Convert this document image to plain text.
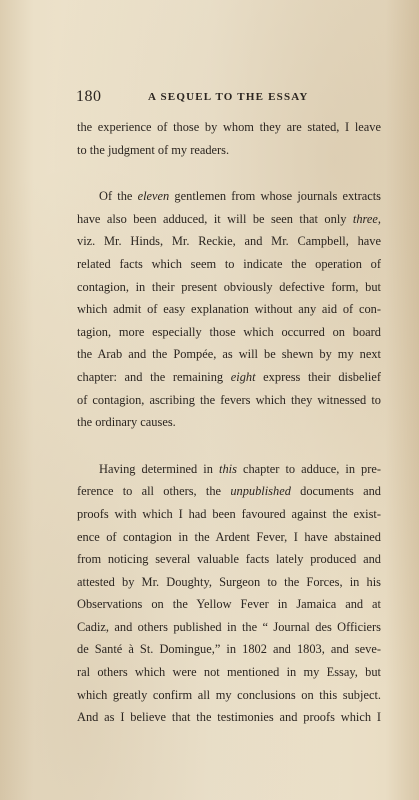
180	A SEQUEL TO THE ESSAY
the experience of those by whom they are stated, I leave
to the judgment of my readers.
Of the eleven gentlemen from whose journals extracts
have also been adduced, it will be seen that only three,
viz. Mr. Hinds, Mr. Reckie, and Mr. Campbell, have
related facts which seem to indicate the operation of
contagion, in their present obviously defective form, but
which admit of easy explanation without any aid of con-
tagion, more especially those which occurred on board
the Arab and the Pompée, as will be shewn by my next
chapter: and the remaining eight express their disbelief
of contagion, ascribing the fevers which they witnessed to
the ordinary causes.
Having determined in this chapter to adduce, in pre-
ference to all others, the unpublished documents and
proofs with which I had been favoured against the exist-
ence of contagion in the Ardent Fever, I have abstained
from noticing several valuable facts lately produced and
attested by Mr. Doughty, Surgeon to the Forces, in his
Observations on the Yellow Fever in Jamaica and at
Cadiz, and others published in the “ Journal des Officiers
de Santé à St. Domingue,” in 1802 and 1803, and seve-
ral others which were not mentioned in my Essay, but
which greatly confirm all my conclusions on this subject.
And as I believe that the testimonies and proofs which I
